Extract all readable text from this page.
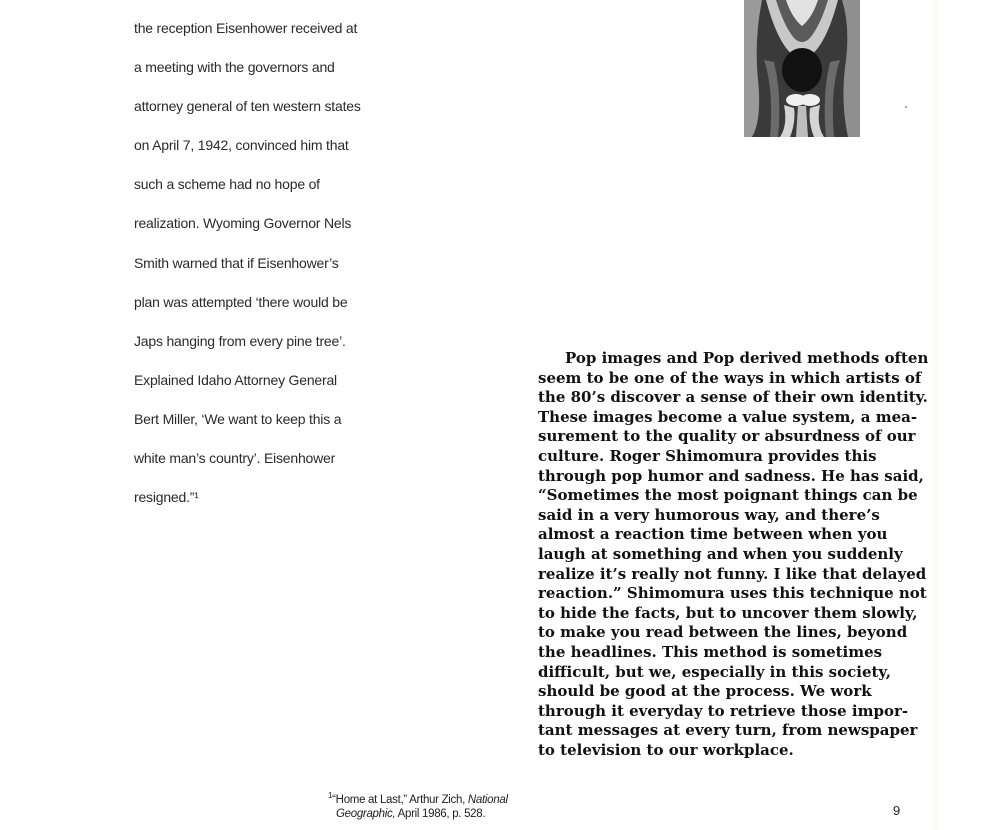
the reception Eisenhower received at
a meeting with the governors and
attorney general of ten western states
on April 7, 1942, convinced him that
such a scheme had no hope of
realization. Wyoming Governor Nels
Smith warned that if Eisenhower’s
plan was attempted ‘there would be
Japs hanging from every pine tree’.
Explained Idaho Attorney General
Bert Miller, ‘We want to keep this a
white man’s country’. Eisenhower
resigned.”¹
Pop images and Pop derived methods often
seem to be one of the ways in which artists of
the 80’s discover a sense of their own identity.
These images become a value system, a mea-
surement to the quality or absurdness of our
culture. Roger Shimomura provides this
through pop humor and sadness. He has said,
“Sometimes the most poignant things can be
said in a very humorous way, and there’s
almost a reaction time between when you
laugh at something and when you suddenly
realize it’s really not funny. I like that delayed
reaction.” Shimomura uses this technique not
to hide the facts, but to uncover them slowly,
to make you read between the lines, beyond
the headlines. This method is sometimes
difficult, but we, especially in this society,
should be good at the process. We work
through it everyday to retrieve those impor-
tant messages at every turn, from newspaper
to television to our workplace.
$^1$“Home at Last,” Arthur Zich, National
Geographic, April 1986, p. 528.	9
